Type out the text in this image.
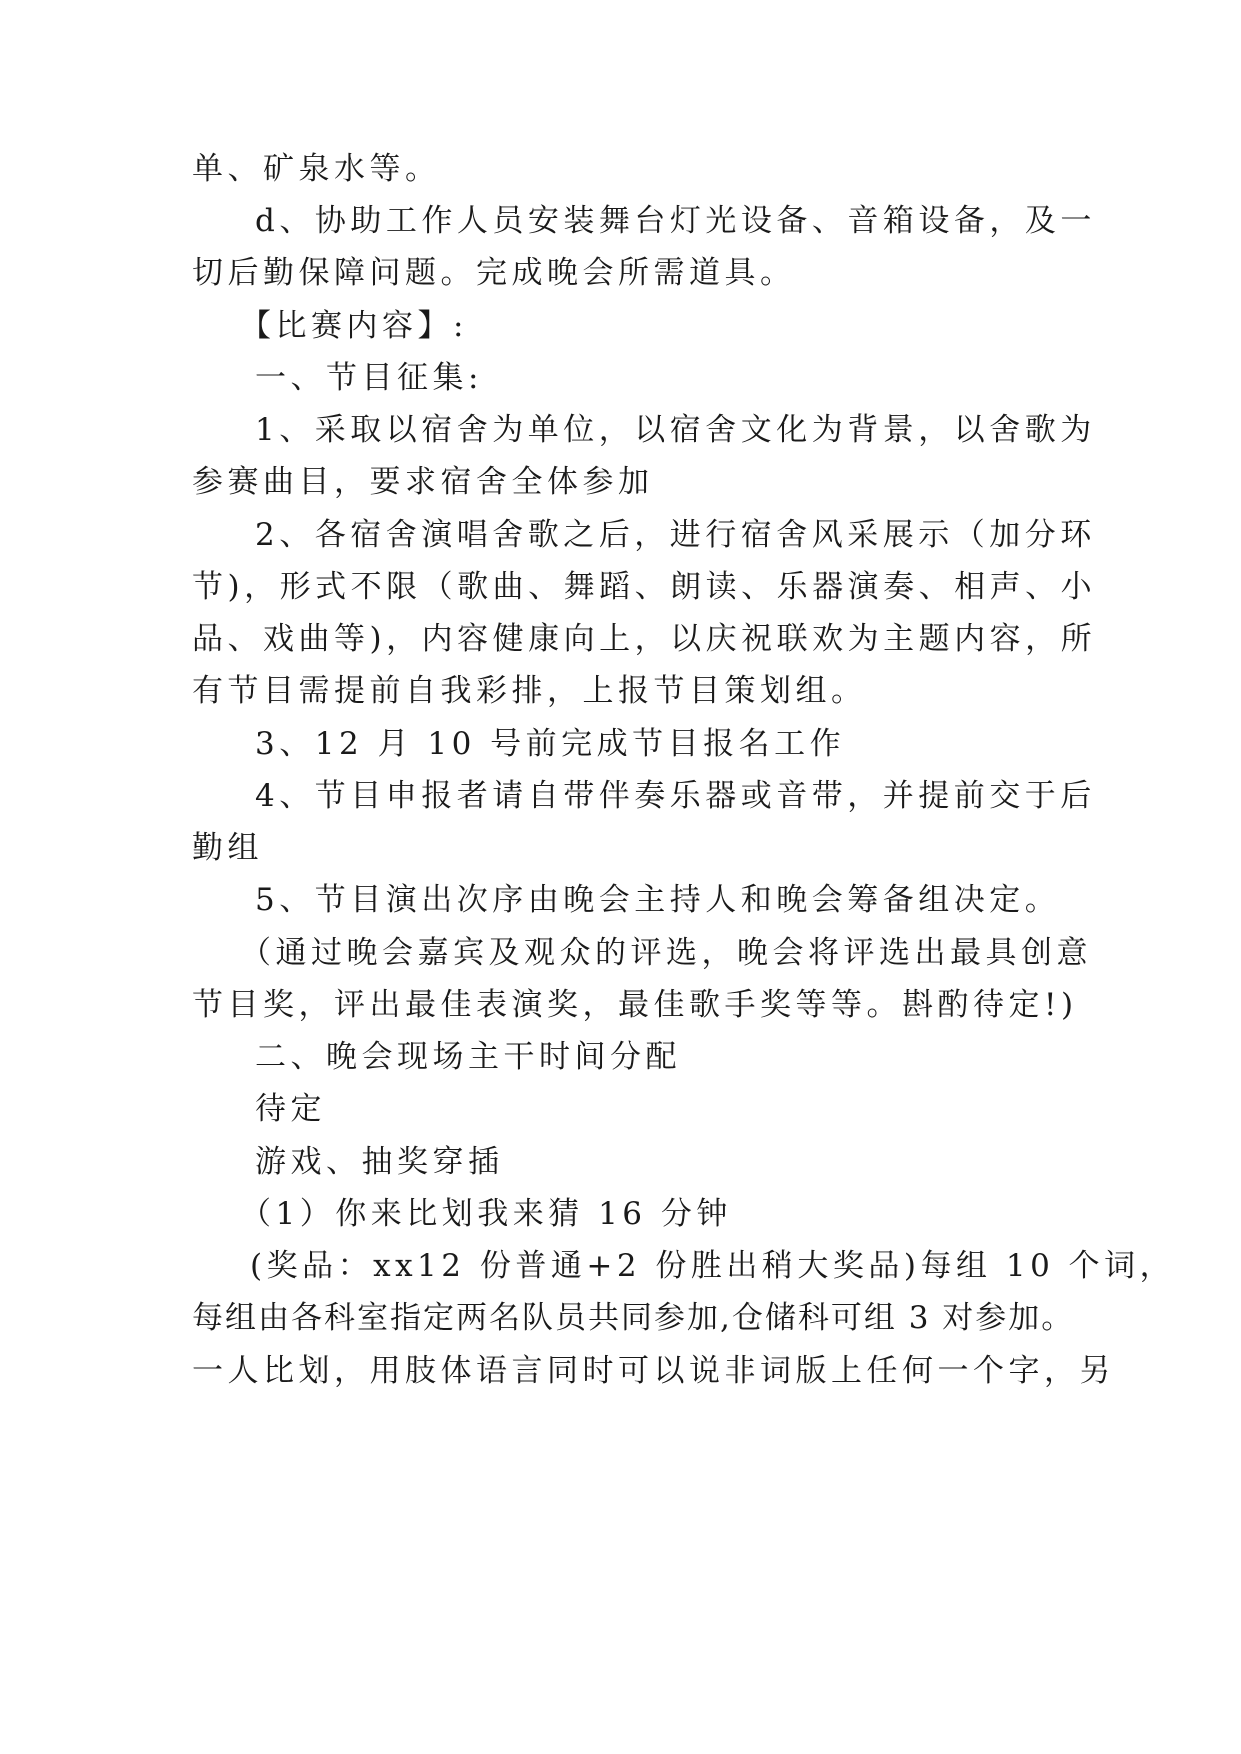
单、矿泉水等。
d、协助工作人员安装舞台灯光设备、音箱设备，及一
切后勤保障问题。完成晚会所需道具。
【比赛内容】:
一、节目征集:
1、采取以宿舍为单位，以宿舍文化为背景，以舍歌为
参赛曲目，要求宿舍全体参加
2、各宿舍演唱舍歌之后，进行宿舍风采展示（加分环
节)，形式不限（歌曲、舞蹈、朗读、乐器演奏、相声、小
品、戏曲等)，内容健康向上，以庆祝联欢为主题内容，所
有节目需提前自我彩排，上报节目策划组。
3、12 月 10 号前完成节目报名工作
4、节目申报者请自带伴奏乐器或音带，并提前交于后
勤组
5、节目演出次序由晚会主持人和晚会筹备组决定。
（通过晚会嘉宾及观众的评选，晚会将评选出最具创意
节目奖，评出最佳表演奖，最佳歌手奖等等。斟酌待定!)
二、晚会现场主干时间分配
待定
游戏、抽奖穿插
（1）你来比划我来猜 16 分钟
(奖品：xx12 份普通+2 份胜出稍大奖品)每组 10 个词，
每组由各科室指定两名队员共同参加,仓储科可组 3 对参加。
一人比划，用肢体语言同时可以说非词版上任何一个字，另
